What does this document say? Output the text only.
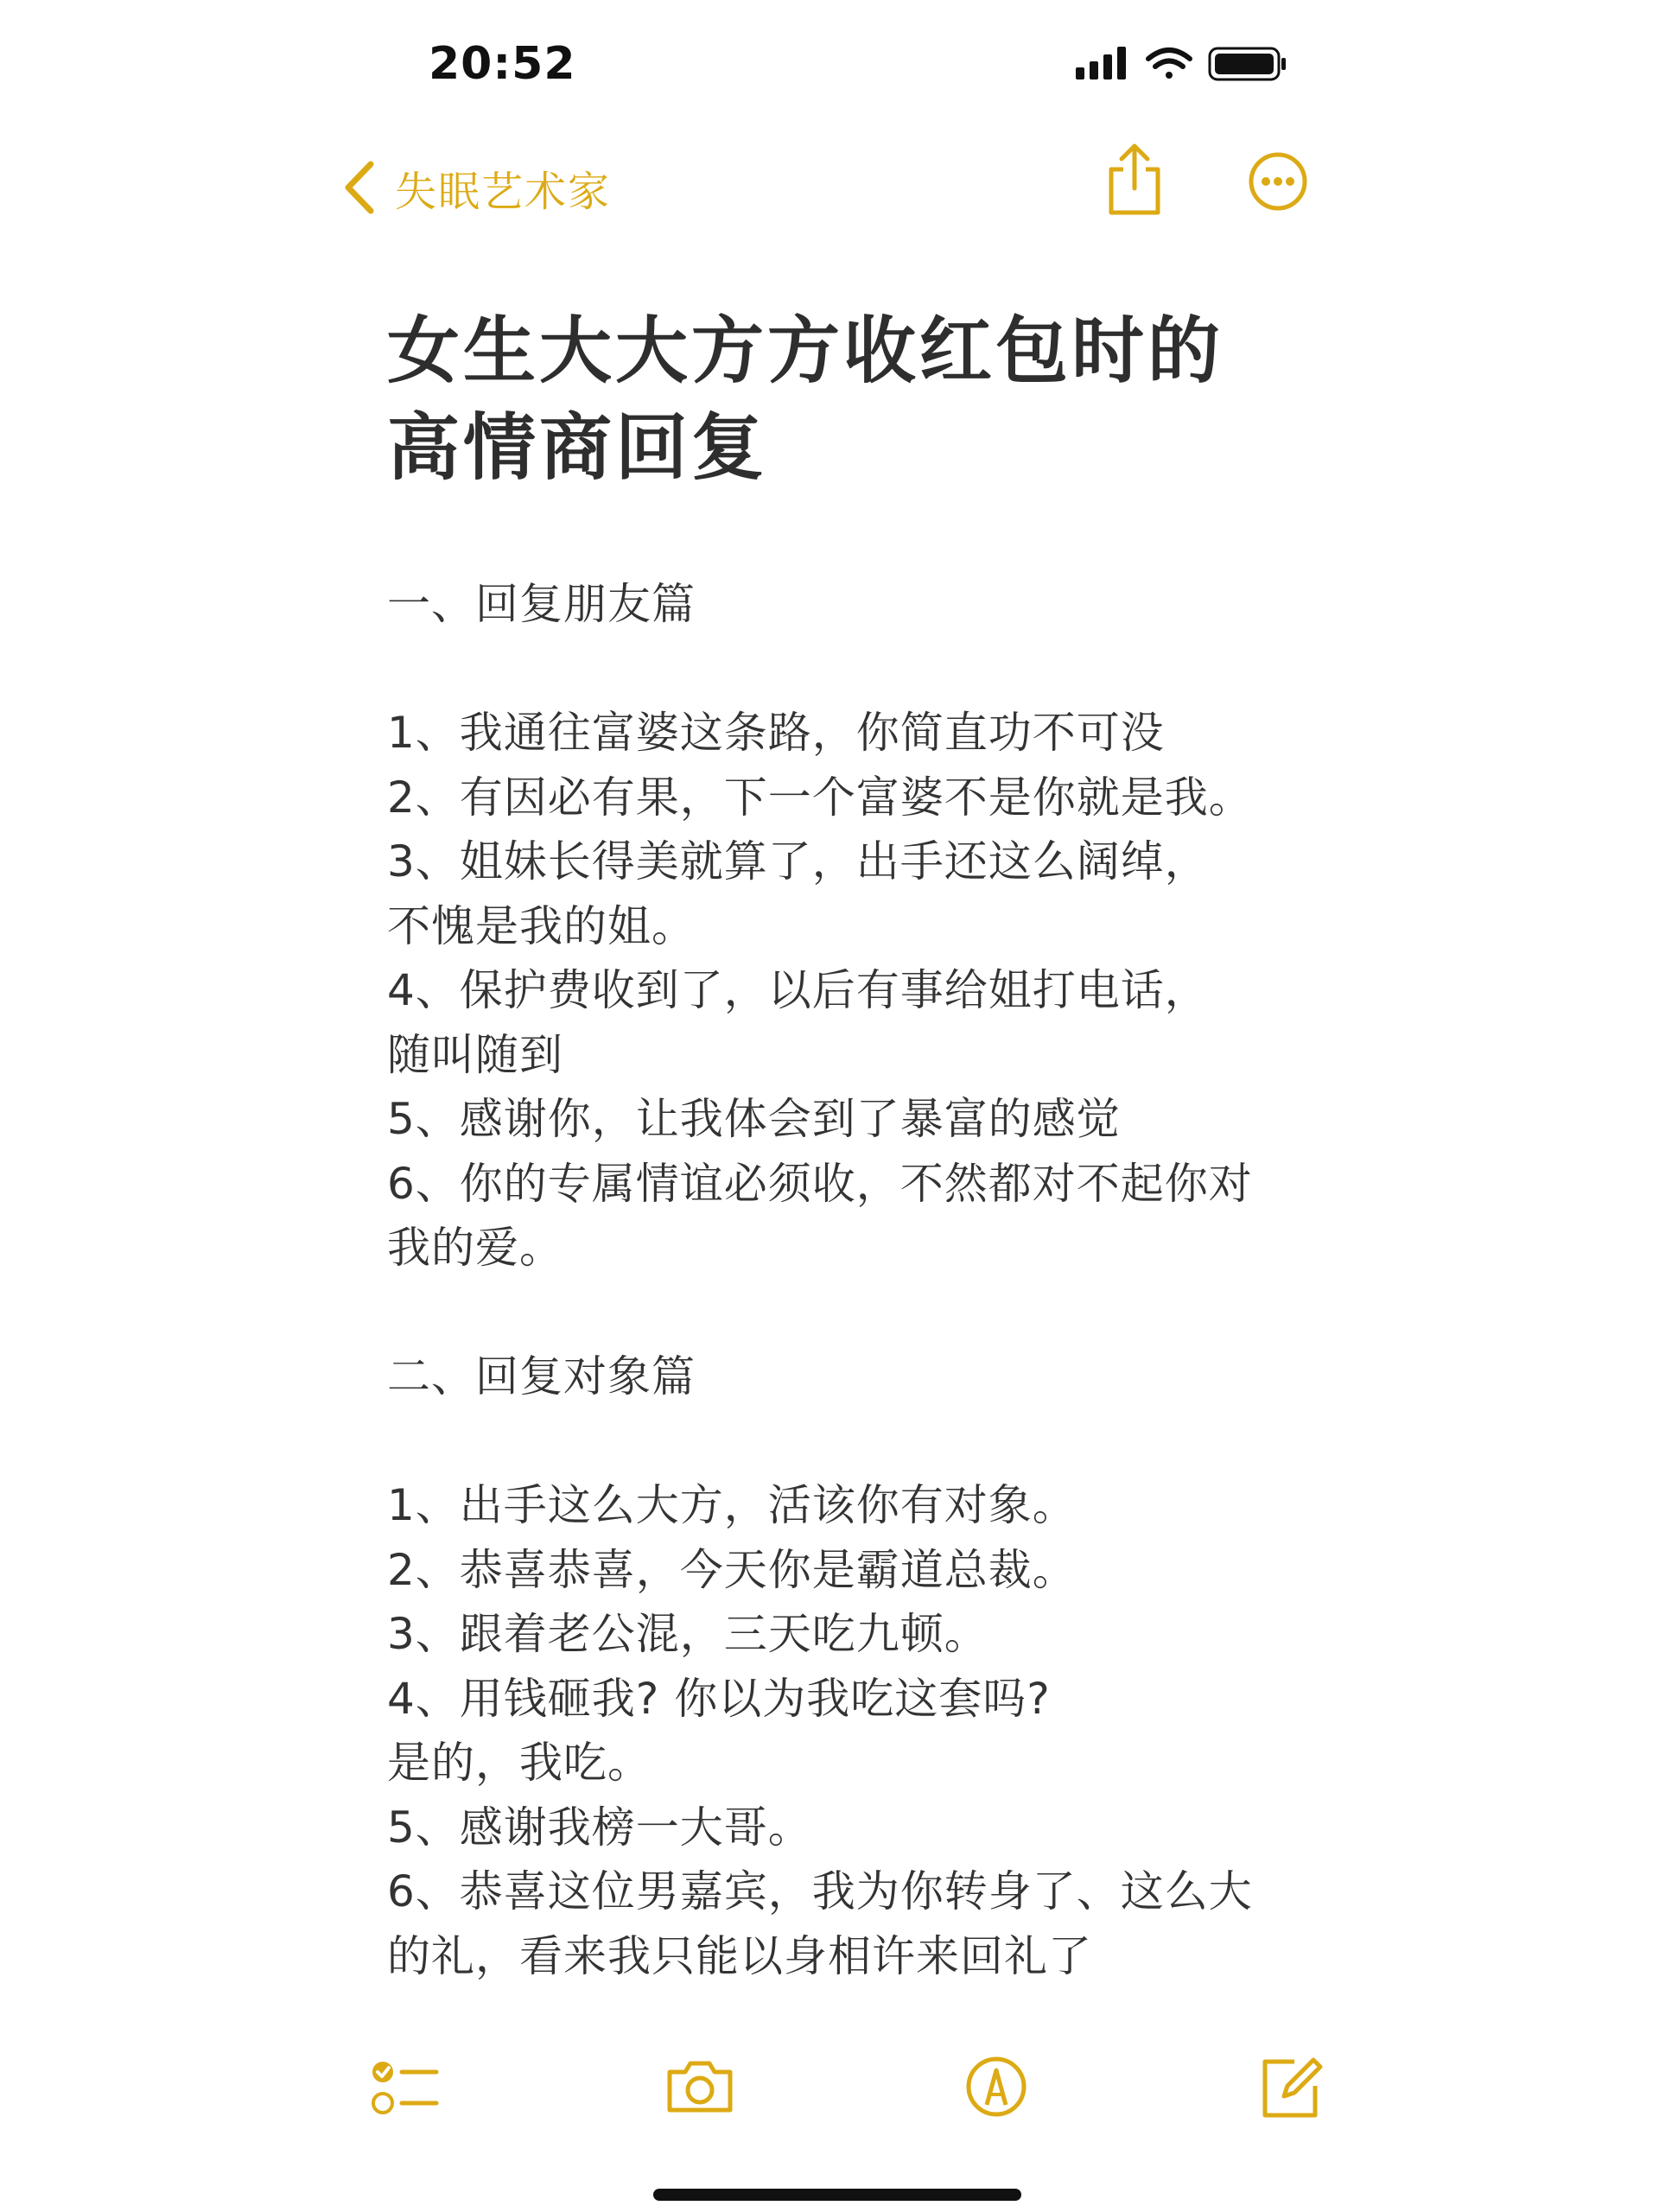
20:52
失眠艺术家
女生大大方方收红包时的
高情商回复
一、回复朋友篇
1、我通往富婆这条路，你简直功不可没
2、有因必有果，下一个富婆不是你就是我。
3、姐妹长得美就算了，出手还这么阔绰，
不愧是我的姐。
4、保护费收到了，以后有事给姐打电话，
随叫随到
5、感谢你，让我体会到了暴富的感觉
6、你的专属情谊必须收，不然都对不起你对
我的爱。
二、回复对象篇
1、出手这么大方，活该你有对象。
2、恭喜恭喜，今天你是霸道总裁。
3、跟着老公混，三天吃九顿。
4、用钱砸我? 你以为我吃这套吗?
是的，我吃。
5、感谢我榜一大哥。
6、恭喜这位男嘉宾，我为你转身了、这么大
的礼，看来我只能以身相许来回礼了
